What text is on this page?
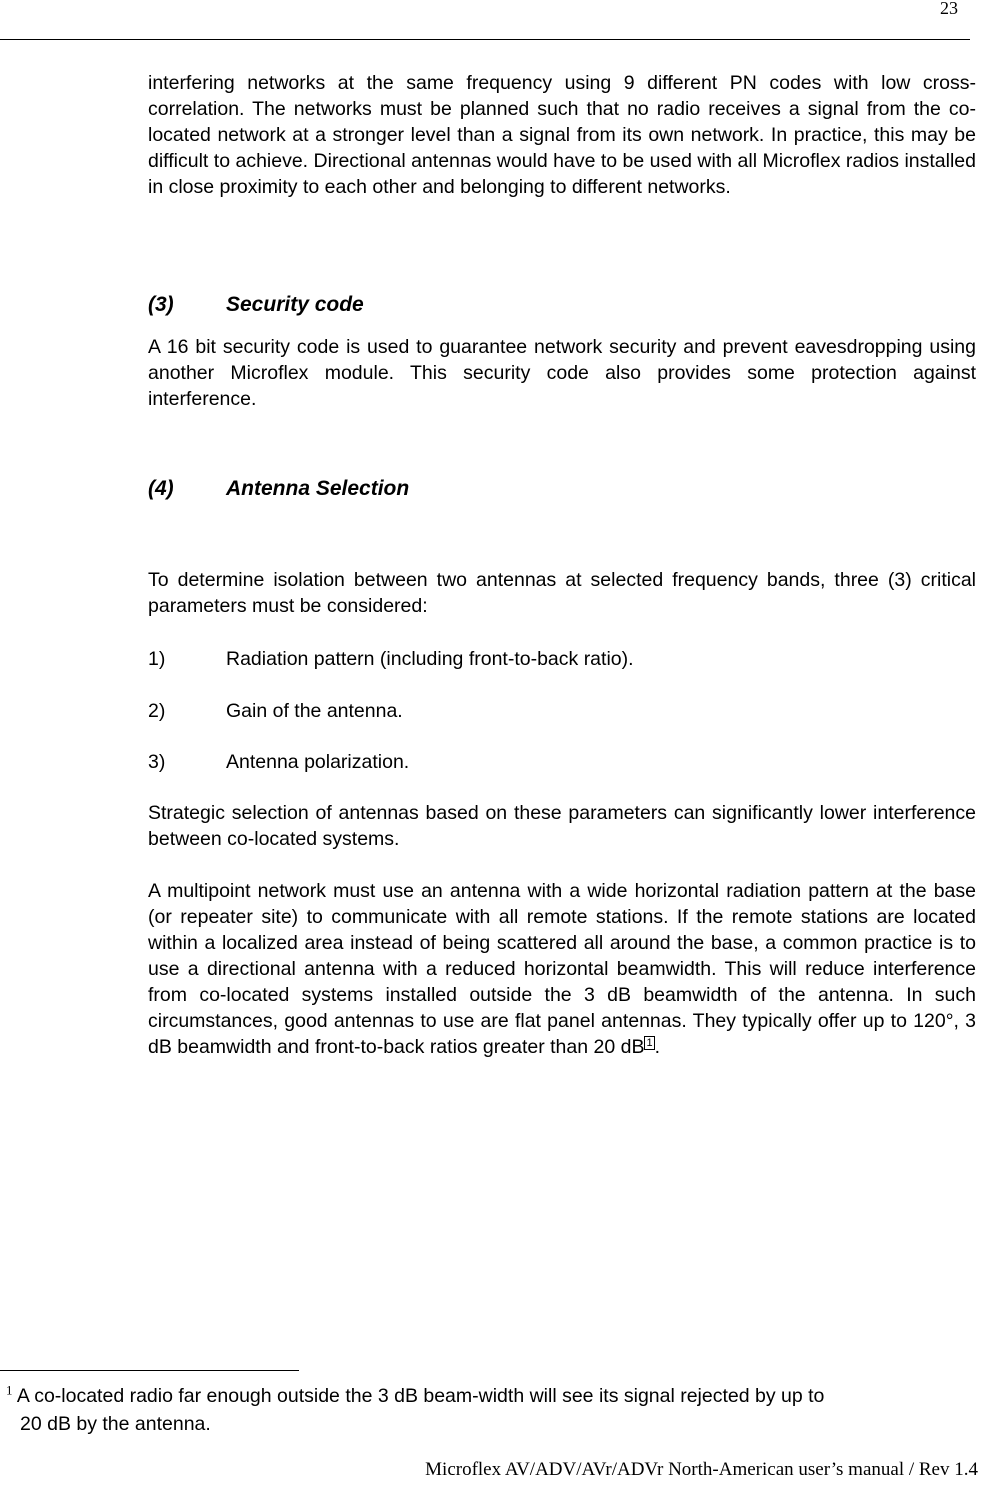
23

interfering networks at the same frequency using 9 different PN codes with low cross-correlation. The networks must be planned such that no radio receives a signal from the co-located network at a stronger level than a signal from its own network. In practice, this may be difficult to achieve. Directional antennas would have to be used with all Microflex radios installed in close proximity to each other and belonging to different networks.

(3) Security code

A 16 bit security code is used to guarantee network security and prevent eavesdropping using another Microflex module. This security code also provides some protection against interference.

(4) Antenna Selection

To determine isolation between two antennas at selected frequency bands, three (3) critical parameters must be considered:

1)	Radiation pattern (including front-to-back ratio).
2)	Gain of the antenna.
3)	Antenna polarization.

Strategic selection of antennas based on these parameters can significantly lower interference between co-located systems.

A multipoint network must use an antenna with a wide horizontal radiation pattern at the base (or repeater site) to communicate with all remote stations. If the remote stations are located within a localized area instead of being scattered all around the base, a common practice is to use a directional antenna with a reduced horizontal beamwidth. This will reduce interference from co-located systems installed outside the 3 dB beamwidth of the antenna. In such circumstances, good antennas to use are flat panel antennas. They typically offer up to 120°, 3 dB beamwidth and front-to-back ratios greater than 20 dB $^1$ .

$^1$ A co-located radio far enough outside the 3 dB beam-width will see its signal rejected by up to
20 dB by the antenna.
Microflex AV/ADV/AVr/ADVr North-American user’s manual / Rev 1.4
